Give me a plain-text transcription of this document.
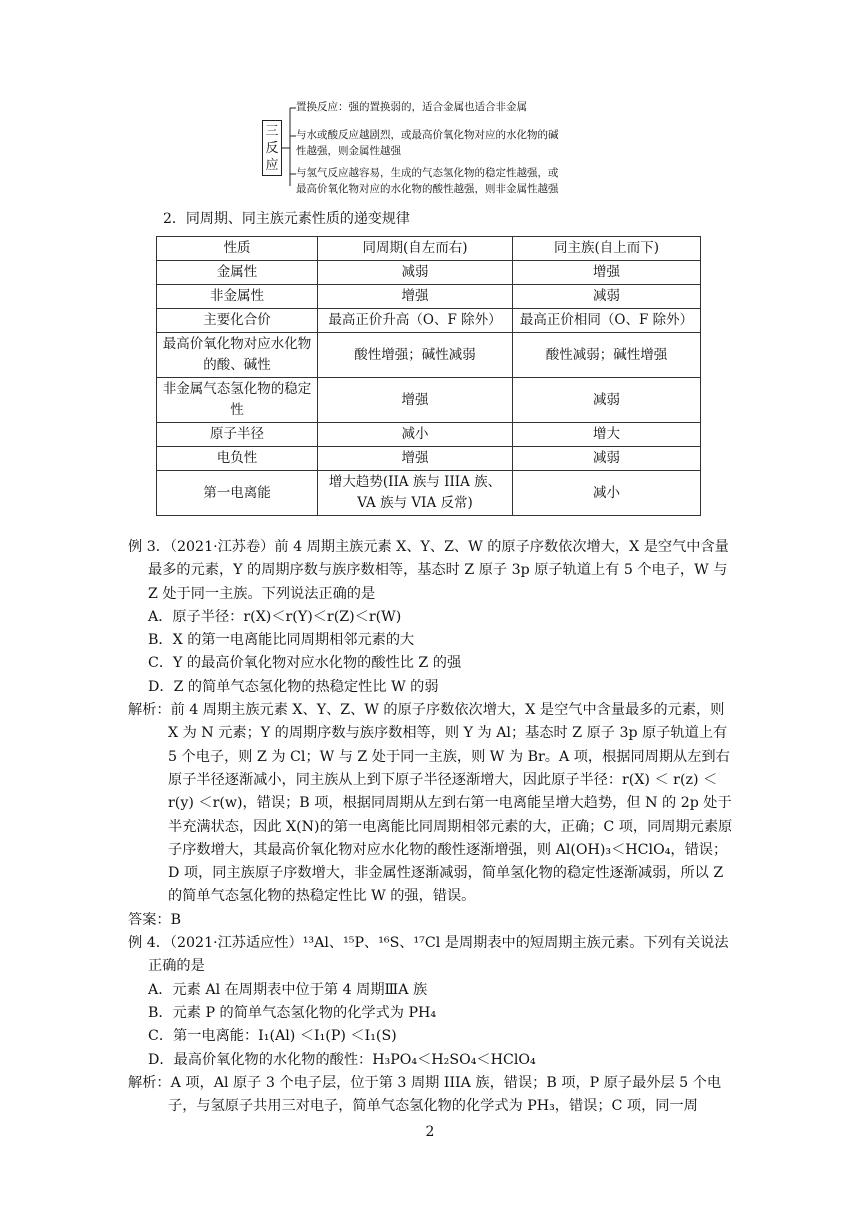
三反应
置换反应：强的置换弱的，适合金属也适合非金属
与水或酸反应越剧烈，或最高价氧化物对应的水化物的碱
性越强，则金属性越强
与氢气反应越容易，生成的气态氢化物的稳定性越强，或
最高价氧化物对应的水化物的酸性越强，则非金属性越强
2．同周期、同主族元素性质的递变规律
性质	同周期(自左而右)	同主族(自上而下)
金属性	减弱	增强
非金属性	增强	减弱
主要化合价	最高正价升高（O、F 除外）	最高正价相同（O、F 除外）
最高价氧化物对应水化物的酸、碱性	酸性增强；碱性减弱	酸性减弱；碱性增强
非金属气态氢化物的稳定性	增强	减弱
原子半径	减小	增大
电负性	增强	减弱
第一电离能	增大趋势(IIA 族与 IIIA 族、VA 族与 VIA 反常)	减小

例 3．（2021·江苏卷）前 4 周期主族元素 X、Y、Z、W 的原子序数依次增大，X 是空气中含量最多的元素，Y 的周期序数与族序数相等，基态时 Z 原子 3p 原子轨道上有 5 个电子，W 与 Z 处于同一主族。下列说法正确的是

A．原子半径：r(X)＜r(Y)＜r(Z)＜r(W)

B．X 的第一电离能比同周期相邻元素的大

C．Y 的最高价氧化物对应水化物的酸性比 Z 的强

D．Z 的简单气态氢化物的热稳定性比 W 的弱

解析：前 4 周期主族元素 X、Y、Z、W 的原子序数依次增大，X 是空气中含量最多的元素，则 X 为 N 元素；Y 的周期序数与族序数相等，则 Y 为 Al；基态时 Z 原子 3p 原子轨道上有 5 个电子，则 Z 为 Cl；W 与 Z 处于同一主族，则 W 为 Br。A 项，根据同周期从左到右原子半径逐渐减小，同主族从上到下原子半径逐渐增大，因此原子半径：r(X) ＜ r(z) ＜r(y) ＜r(w)，错误；B 项，根据同周期从左到右第一电离能呈增大趋势，但 N 的 2p 处于半充满状态，因此 X(N)的第一电离能比同周期相邻元素的大，正确；C 项，同周期元素原子序数增大，其最高价氧化物对应水化物的酸性逐渐增强，则 Al(OH)₃＜HClO₄，错误；D 项，同主族原子序数增大，非金属性逐渐减弱，简单氢化物的稳定性逐渐减弱，所以 Z 的简单气态氢化物的热稳定性比 W 的强，错误。

答案：B

例 4．（2021·江苏适应性）¹³Al、¹⁵P、¹⁶S、¹⁷Cl 是周期表中的短周期主族元素。下列有关说法正确的是

A．元素 Al 在周期表中位于第 4 周期ⅢA 族

B．元素 P 的简单气态氢化物的化学式为 PH₄

C．第一电离能：I₁(Al) ＜I₁(P) ＜I₁(S)

D．最高价氧化物的水化物的酸性：H₃PO₄＜H₂SO₄＜HClO₄

解析：A 项，Al 原子 3 个电子层，位于第 3 周期 IIIA 族，错误；B 项，P 原子最外层 5 个电子，与氢原子共用三对电子，简单气态氢化物的化学式为 PH₃，错误；C 项，同一周

2
